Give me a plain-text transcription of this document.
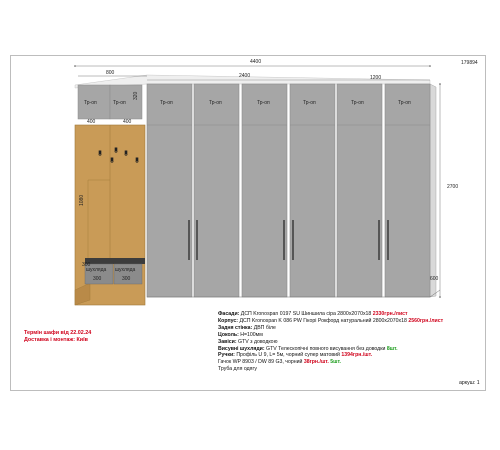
179894
4400
800	2400	1200
2700
600
400	400
320
1080
300
Тр-оп	Тр-оп	Тр-оп	Тр-оп	Тр-оп	Тр-оп	Тр-оп	Тр-оп
шухляда шухляда
300	300
Фасади: ДСП Kronospan 0197 SU Шиншила сіра 2800x2070x18 2330грн./лист
Корпус: ДСП Kronospan K 086 PW Гікорі Рокфорд натуральний 2800x2070x18 2560грн./лист
Задня стінка: ДВП біле
Цоколь: H=100мм
Завіси: GTV з доводкою
Висувні шухляди: GTV Телескопічні повного висування без доводки 8шт.
Ручки: Профіль U 9, L= 5м, чорний супер матовий 1394грн./шт.
Гачок WP 8903 / DW 89 G3, чорний 38грн./шт. 5шт.
Труба для одягу
Термін шафи від 22.02.24
Доставка і монтаж: Київ
аркуш: 1
